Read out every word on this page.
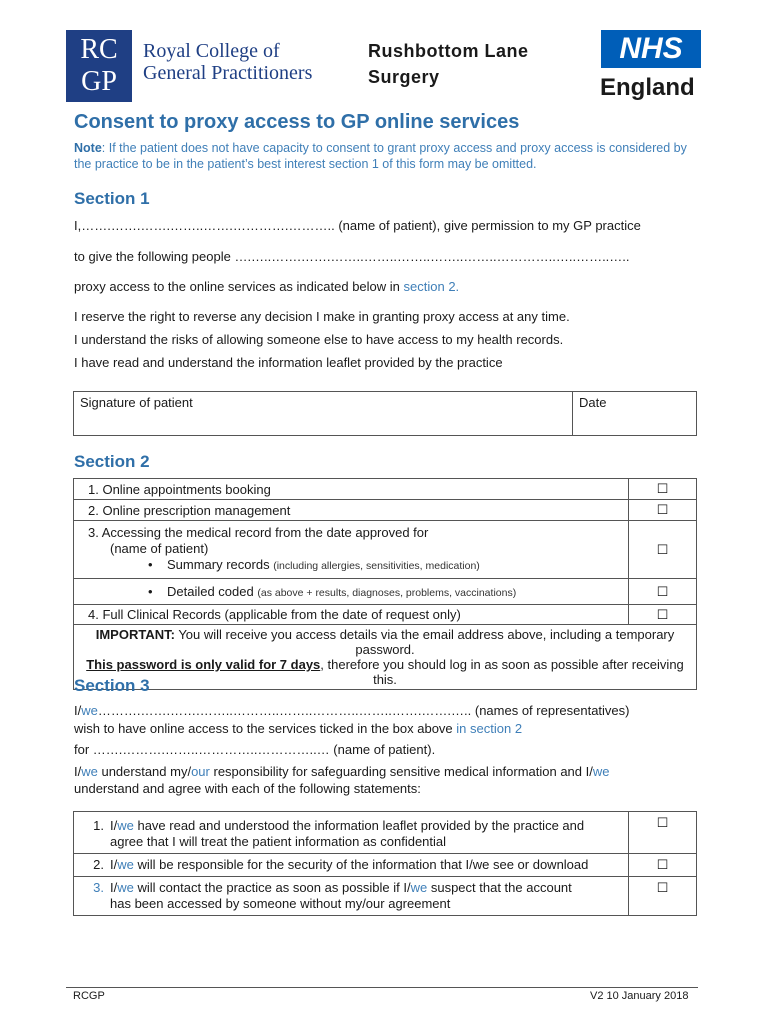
RC
GP
Royal College of
General Practitioners
Rushbottom Lane
Surgery
NHS
England
Consent to proxy access to GP online services
Note: If the patient does not have capacity to consent to grant proxy access and proxy access is considered by the practice to be in the patient’s best interest section 1 of this form may be omitted.
Section 1
I,…….…….…….……..…….………….……….. (name of patient), give permission to my GP practice
to give the following people ….…..…….…….……..……..……..……..……..…………..…..……..…..
proxy access to the online services as indicated below in section 2.
I reserve the right to reverse any decision I make in granting proxy access at any time.
I understand the risks of allowing someone else to have access to my health records.
I have read and understand the information leaflet provided by the practice
Signature of patient	Date
Section 2
1. Online appointments booking	☐
2. Online prescription management	☐

3. Accessing the medical record from the date approved for
(name of patient)
•    Summary records (including allergies, sensitivities, medication)	☐
•    Detailed coded (as above + results, diagnoses, problems, vaccinations)	☐
4. Full Clinical Records (applicable from the date of request only)	☐

IMPORTANT: You will receive you access details via the email address above, including a temporary password.
This password is only valid for 7 days, therefore you should log in as soon as possible after receiving this.	
Section 3
I/we……….…….…….……..………..……..………..……..…….…….….. (names of representatives)
wish to have online access to the services ticked in the box above in section 2
for …….……….……..…………..…………..… (name of patient).
I/we understand my/our responsibility for safeguarding sensitive medical information and I/we
understand and agree with each of the following statements:
1. I/we have read and understood the information leaflet provided by the practice and
agree that I will treat the patient information as confidential	☐
2. I/we will be responsible for the security of the information that I/we see or download	☐
3. I/we will contact the practice as soon as possible if I/we suspect that the account
has been accessed by someone without my/our agreement	☐
RCGP	V2 10 January 2018
